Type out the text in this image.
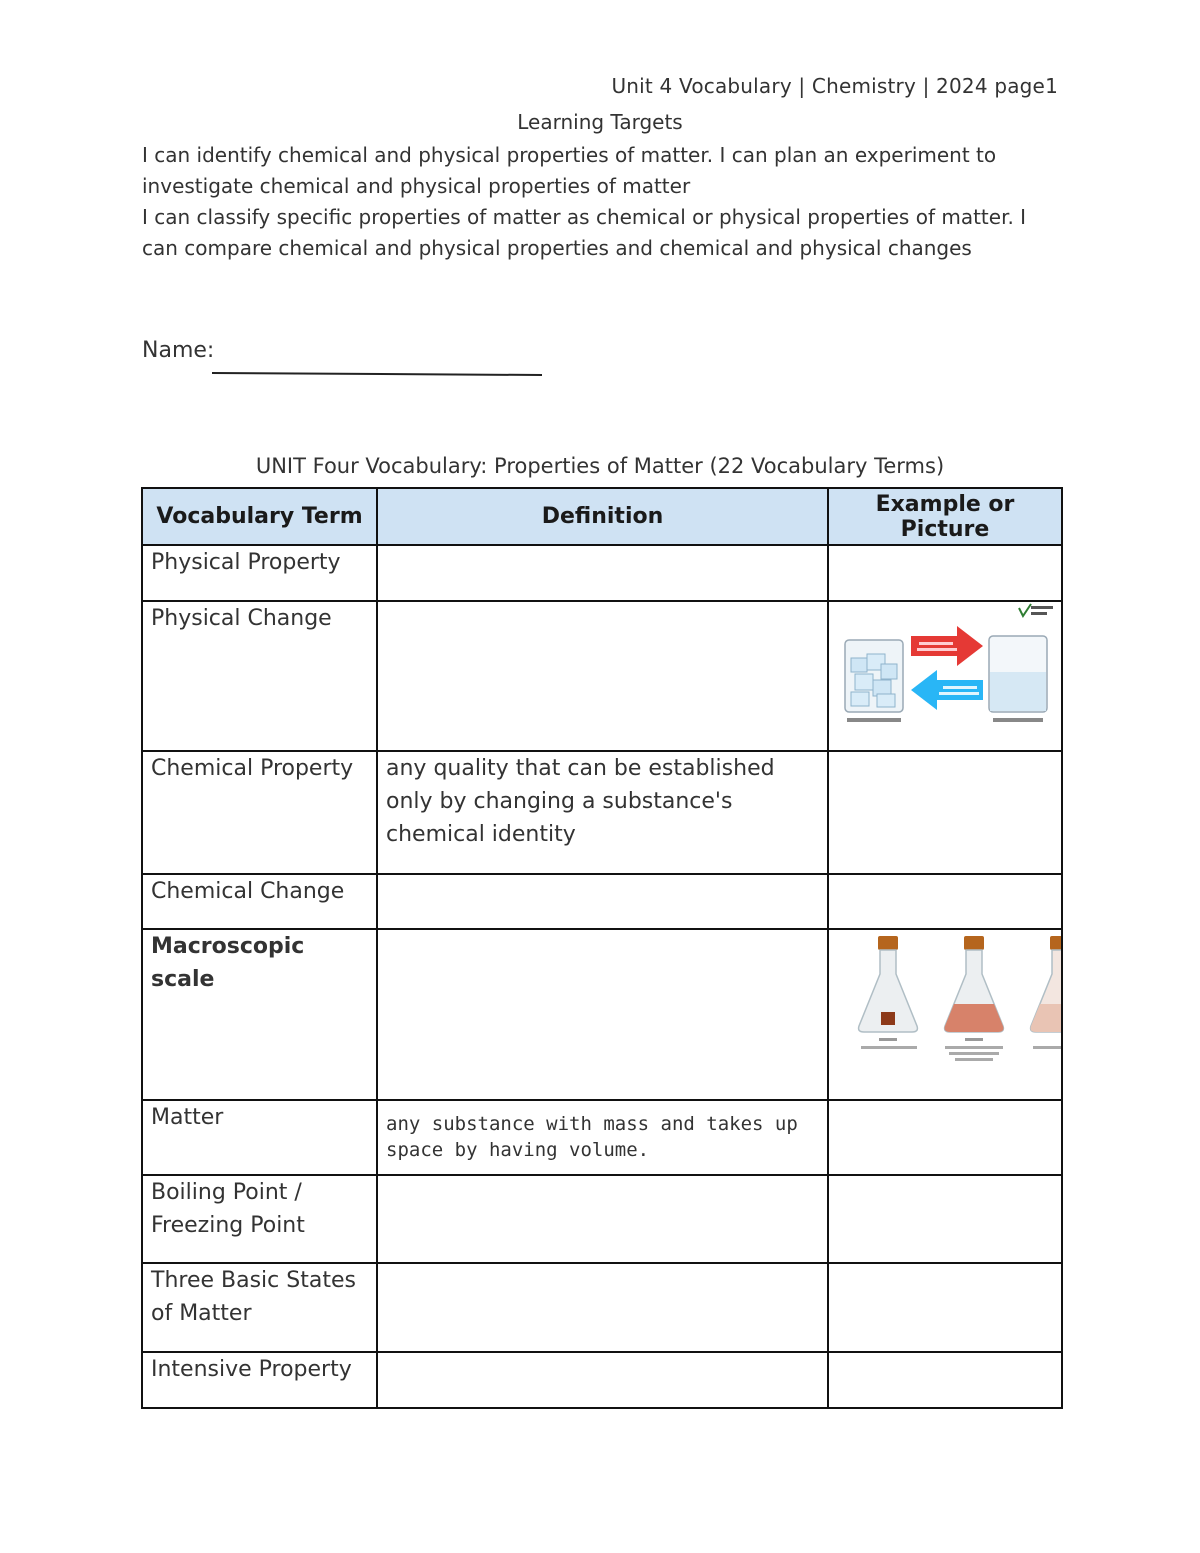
Unit 4 Vocabulary | Chemistry | 2024 page1
Learning Targets

I can identify chemical and physical properties of matter. I can plan an experiment to investigate chemical and physical properties of matter

I can classify specific properties of matter as chemical or physical properties of matter. I can compare chemical and physical properties and chemical and physical changes

Name:
UNIT Four Vocabulary: Properties of Matter (22 Vocabulary Terms)
Vocabulary Term	Definition	Example or Picture
Physical Property		
Physical Change		
Chemical Property	any quality that can be established only by changing a substance's chemical identity	
Chemical Change		
Macroscopic scale		
Matter	any substance with mass and takes up space by having volume.	
Boiling Point / Freezing Point		
Three Basic States of Matter		
Intensive Property		
